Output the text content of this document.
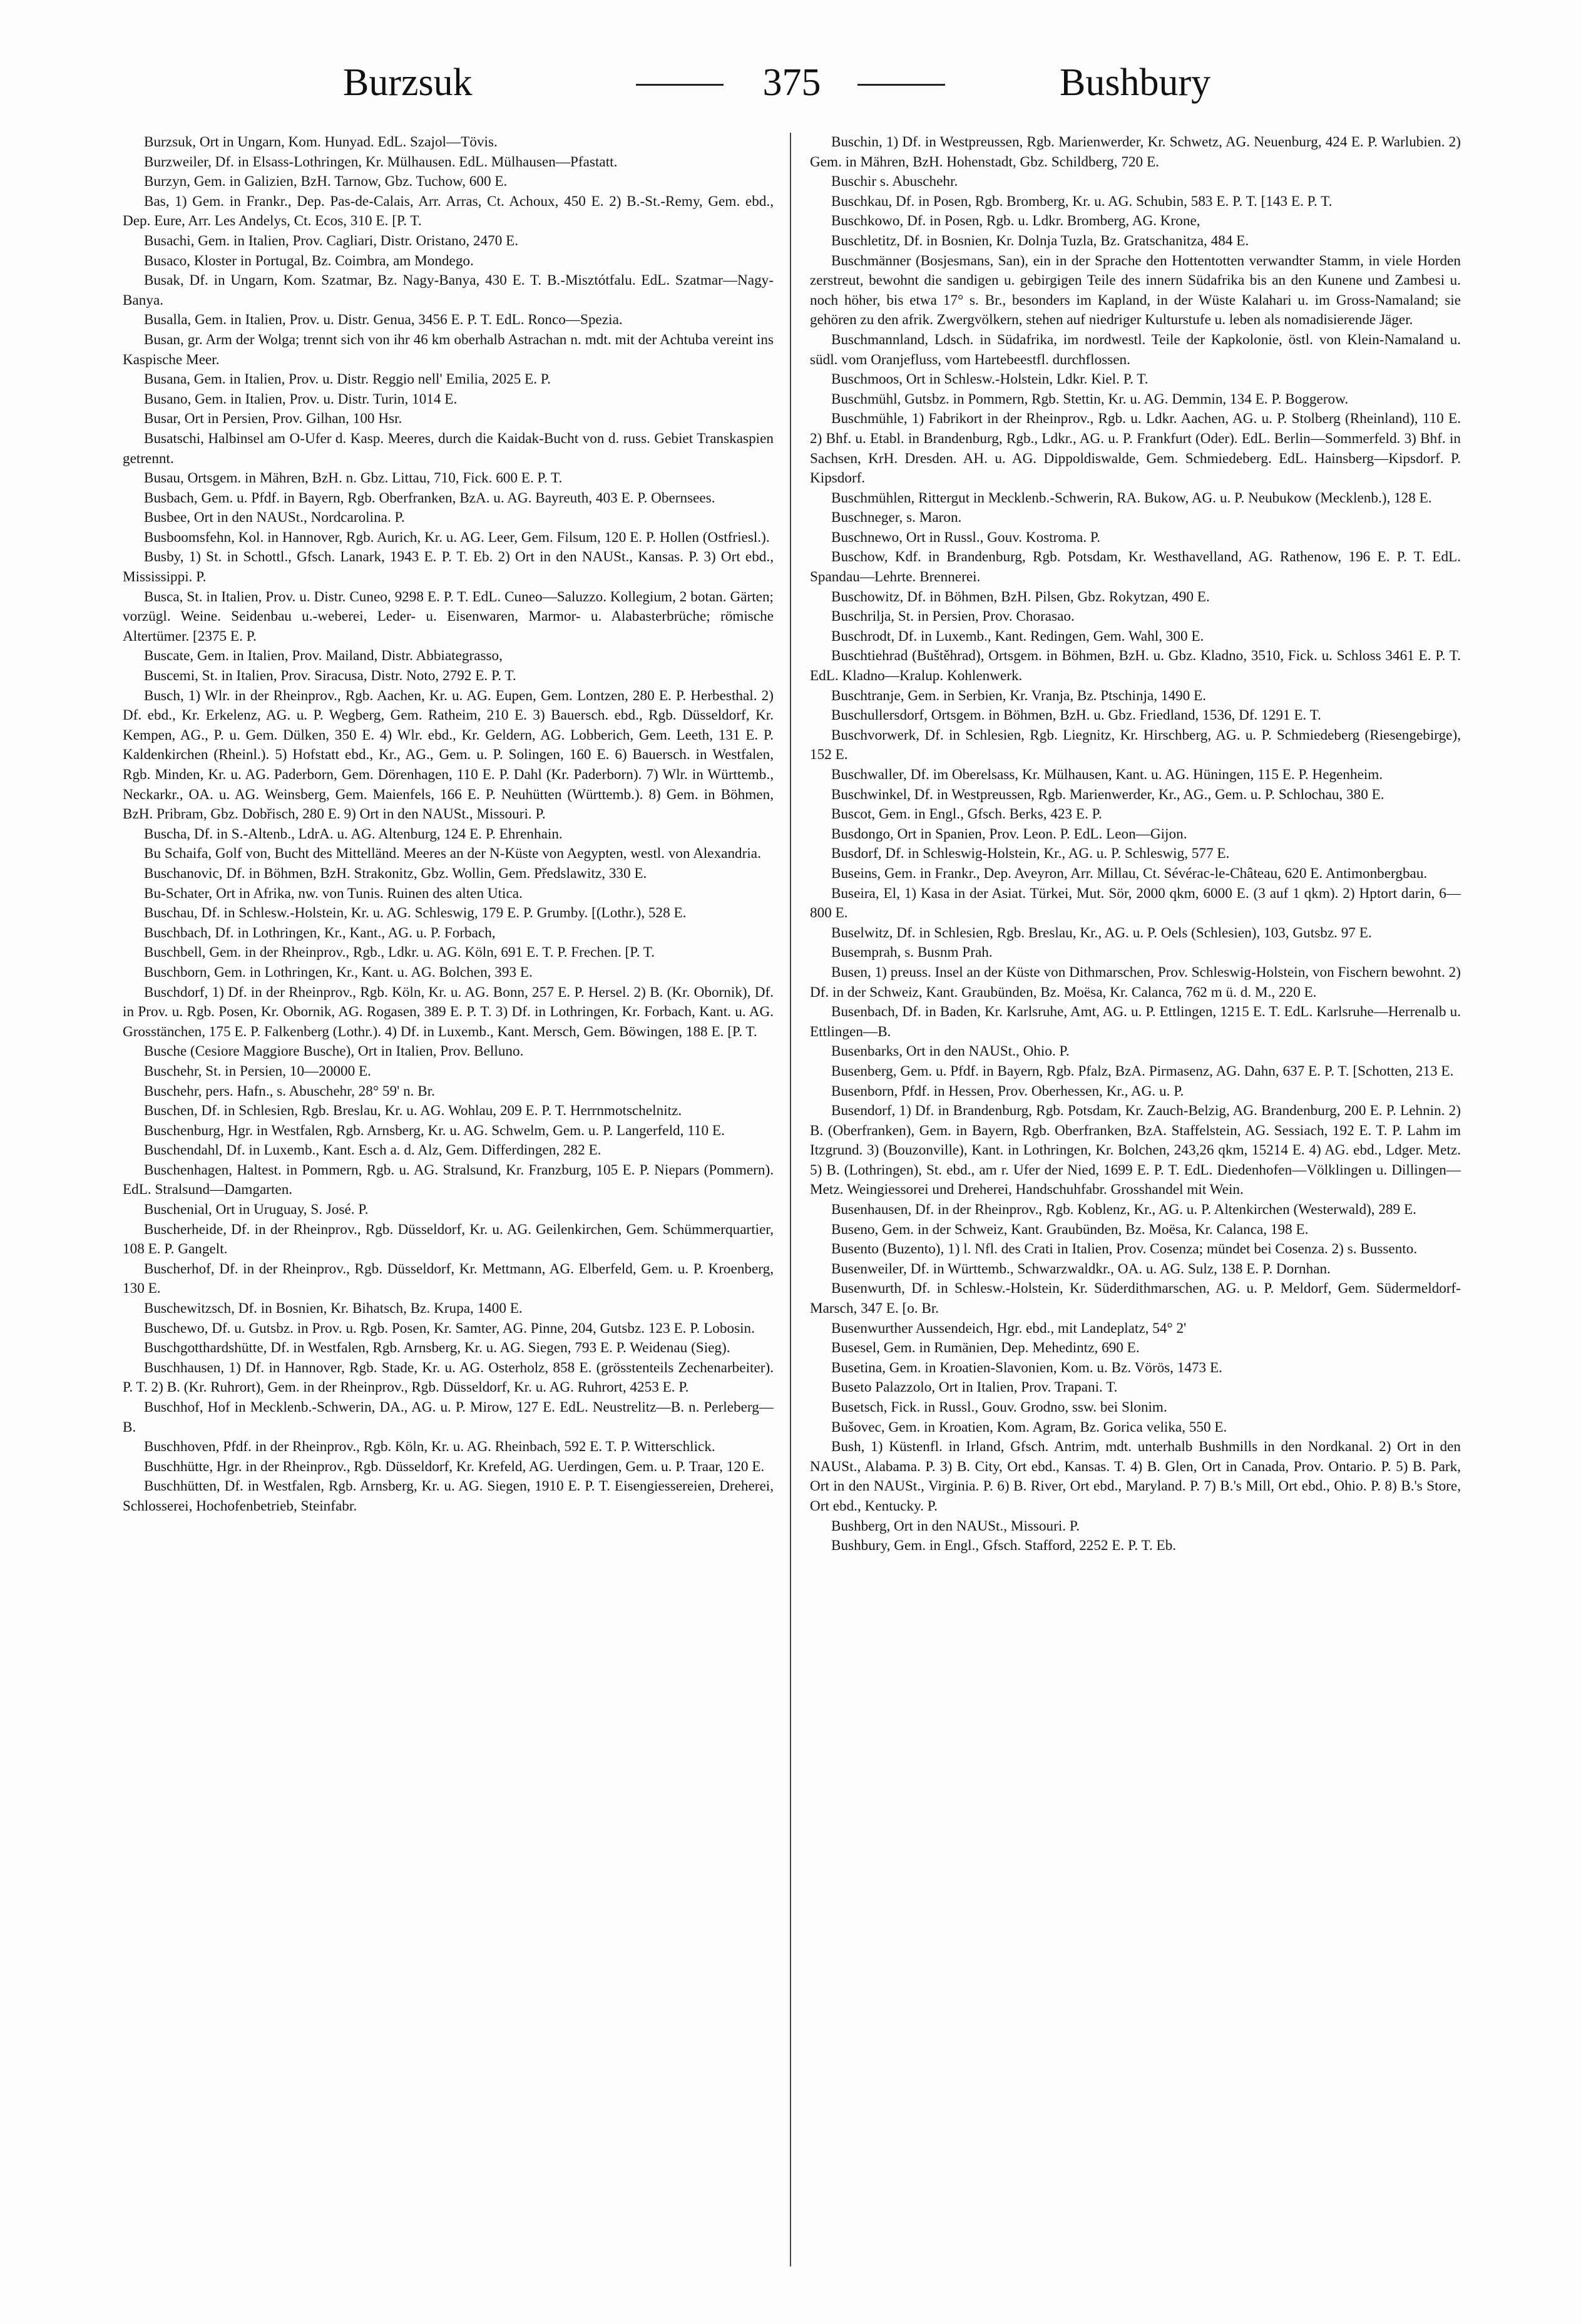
Burzsuk	375	Bushbury

Burzsuk, Ort in Ungarn, Kom. Hunyad. EdL. Szajol—Tövis.

Burzweiler, Df. in Elsass-Lothringen, Kr. Mülhausen. EdL. Mülhausen—Pfastatt.

Burzyn, Gem. in Galizien, BzH. Tarnow, Gbz. Tuchow, 600 E.

Bas, 1) Gem. in Frankr., Dep. Pas-de-Calais, Arr. Arras, Ct. Achoux, 450 E. 2) B.-St.-Remy, Gem. ebd., Dep. Eure, Arr. Les Andelys, Ct. Ecos, 310 E. [P. T.

Busachi, Gem. in Italien, Prov. Cagliari, Distr. Oristano, 2470 E.

Busaco, Kloster in Portugal, Bz. Coimbra, am Mondego.

Busak, Df. in Ungarn, Kom. Szatmar, Bz. Nagy-Banya, 430 E. T. B.-Misztótfalu. EdL. Szatmar—Nagy-Banya.

Busalla, Gem. in Italien, Prov. u. Distr. Genua, 3456 E. P. T. EdL. Ronco—Spezia.

Busan, gr. Arm der Wolga; trennt sich von ihr 46 km oberhalb Astrachan n. mdt. mit der Achtuba vereint ins Kaspische Meer.

Busana, Gem. in Italien, Prov. u. Distr. Reggio nell' Emilia, 2025 E. P.

Busano, Gem. in Italien, Prov. u. Distr. Turin, 1014 E.

Busar, Ort in Persien, Prov. Gilhan, 100 Hsr.

Busatschi, Halbinsel am O-Ufer d. Kasp. Meeres, durch die Kaidak-Bucht von d. russ. Gebiet Transkaspien getrennt.

Busau, Ortsgem. in Mähren, BzH. n. Gbz. Littau, 710, Fick. 600 E. P. T.

Busbach, Gem. u. Pfdf. in Bayern, Rgb. Oberfranken, BzA. u. AG. Bayreuth, 403 E. P. Obernsees.

Busbee, Ort in den NAUSt., Nordcarolina. P.

Busboomsfehn, Kol. in Hannover, Rgb. Aurich, Kr. u. AG. Leer, Gem. Filsum, 120 E. P. Hollen (Ostfriesl.).

Busby, 1) St. in Schottl., Gfsch. Lanark, 1943 E. P. T. Eb. 2) Ort in den NAUSt., Kansas. P. 3) Ort ebd., Mississippi. P.

Busca, St. in Italien, Prov. u. Distr. Cuneo, 9298 E. P. T. EdL. Cuneo—Saluzzo. Kollegium, 2 botan. Gärten; vorzügl. Weine. Seidenbau u.-weberei, Leder- u. Eisenwaren, Marmor- u. Alabasterbrüche; römische Altertümer. [2375 E. P.

Buscate, Gem. in Italien, Prov. Mailand, Distr. Abbiategrasso,

Buscemi, St. in Italien, Prov. Siracusa, Distr. Noto, 2792 E. P. T.

Busch, 1) Wlr. in der Rheinprov., Rgb. Aachen, Kr. u. AG. Eupen, Gem. Lontzen, 280 E. P. Herbesthal. 2) Df. ebd., Kr. Erkelenz, AG. u. P. Wegberg, Gem. Ratheim, 210 E. 3) Bauersch. ebd., Rgb. Düsseldorf, Kr. Kempen, AG., P. u. Gem. Dülken, 350 E. 4) Wlr. ebd., Kr. Geldern, AG. Lobberich, Gem. Leeth, 131 E. P. Kaldenkirchen (Rheinl.). 5) Hofstatt ebd., Kr., AG., Gem. u. P. Solingen, 160 E. 6) Bauersch. in Westfalen, Rgb. Minden, Kr. u. AG. Paderborn, Gem. Dörenhagen, 110 E. P. Dahl (Kr. Paderborn). 7) Wlr. in Württemb., Neckarkr., OA. u. AG. Weinsberg, Gem. Maienfels, 166 E. P. Neuhütten (Württemb.). 8) Gem. in Böhmen, BzH. Pribram, Gbz. Dobřisch, 280 E. 9) Ort in den NAUSt., Missouri. P.

Buscha, Df. in S.-Altenb., LdrA. u. AG. Altenburg, 124 E. P. Ehrenhain.

Bu Schaifa, Golf von, Bucht des Mittelländ. Meeres an der N-Küste von Aegypten, westl. von Alexandria.

Buschanovic, Df. in Böhmen, BzH. Strakonitz, Gbz. Wollin, Gem. Předslawitz, 330 E.

Bu-Schater, Ort in Afrika, nw. von Tunis. Ruinen des alten Utica.

Buschau, Df. in Schlesw.-Holstein, Kr. u. AG. Schleswig, 179 E. P. Grumby. [(Lothr.), 528 E.

Buschbach, Df. in Lothringen, Kr., Kant., AG. u. P. Forbach,

Buschbell, Gem. in der Rheinprov., Rgb., Ldkr. u. AG. Köln, 691 E. T. P. Frechen. [P. T.

Buschborn, Gem. in Lothringen, Kr., Kant. u. AG. Bolchen, 393 E.

Buschdorf, 1) Df. in der Rheinprov., Rgb. Köln, Kr. u. AG. Bonn, 257 E. P. Hersel. 2) B. (Kr. Obornik), Df. in Prov. u. Rgb. Posen, Kr. Obornik, AG. Rogasen, 389 E. P. T. 3) Df. in Lothringen, Kr. Forbach, Kant. u. AG. Grosstänchen, 175 E. P. Falkenberg (Lothr.). 4) Df. in Luxemb., Kant. Mersch, Gem. Böwingen, 188 E. [P. T.

Busche (Cesiore Maggiore Busche), Ort in Italien, Prov. Belluno.

Buschehr, St. in Persien, 10—20000 E.

Buschehr, pers. Hafn., s. Abuschehr, 28° 59' n. Br.

Buschen, Df. in Schlesien, Rgb. Breslau, Kr. u. AG. Wohlau, 209 E. P. T. Herrnmotschelnitz.

Buschenburg, Hgr. in Westfalen, Rgb. Arnsberg, Kr. u. AG. Schwelm, Gem. u. P. Langerfeld, 110 E.

Buschendahl, Df. in Luxemb., Kant. Esch a. d. Alz, Gem. Differdingen, 282 E.

Buschenhagen, Haltest. in Pommern, Rgb. u. AG. Stralsund, Kr. Franzburg, 105 E. P. Niepars (Pommern). EdL. Stralsund—Damgarten.

Buschenial, Ort in Uruguay, S. José. P.

Buscherheide, Df. in der Rheinprov., Rgb. Düsseldorf, Kr. u. AG. Geilenkirchen, Gem. Schümmerquartier, 108 E. P. Gangelt.

Buscherhof, Df. in der Rheinprov., Rgb. Düsseldorf, Kr. Mettmann, AG. Elberfeld, Gem. u. P. Kroenberg, 130 E.

Buschewitzsch, Df. in Bosnien, Kr. Bihatsch, Bz. Krupa, 1400 E.

Buschewo, Df. u. Gutsbz. in Prov. u. Rgb. Posen, Kr. Samter, AG. Pinne, 204, Gutsbz. 123 E. P. Lobosin.

Buschgotthardshütte, Df. in Westfalen, Rgb. Arnsberg, Kr. u. AG. Siegen, 793 E. P. Weidenau (Sieg).

Buschhausen, 1) Df. in Hannover, Rgb. Stade, Kr. u. AG. Osterholz, 858 E. (grösstenteils Zechenarbeiter). P. T. 2) B. (Kr. Ruhrort), Gem. in der Rheinprov., Rgb. Düsseldorf, Kr. u. AG. Ruhrort, 4253 E. P.

Buschhof, Hof in Mecklenb.-Schwerin, DA., AG. u. P. Mirow, 127 E. EdL. Neustrelitz—B. n. Perleberg—B.

Buschhoven, Pfdf. in der Rheinprov., Rgb. Köln, Kr. u. AG. Rheinbach, 592 E. T. P. Witterschlick.

Buschhütte, Hgr. in der Rheinprov., Rgb. Düsseldorf, Kr. Krefeld, AG. Uerdingen, Gem. u. P. Traar, 120 E.

Buschhütten, Df. in Westfalen, Rgb. Arnsberg, Kr. u. AG. Siegen, 1910 E. P. T. Eisengiessereien, Dreherei, Schlosserei, Hochofenbetrieb, Steinfabr.

Buschin, 1) Df. in Westpreussen, Rgb. Marienwerder, Kr. Schwetz, AG. Neuenburg, 424 E. P. Warlubien. 2) Gem. in Mähren, BzH. Hohenstadt, Gbz. Schildberg, 720 E.

Buschir s. Abuschehr.

Buschkau, Df. in Posen, Rgb. Bromberg, Kr. u. AG. Schubin, 583 E. P. T. [143 E. P. T.

Buschkowo, Df. in Posen, Rgb. u. Ldkr. Bromberg, AG. Krone,

Buschletitz, Df. in Bosnien, Kr. Dolnja Tuzla, Bz. Gratschanitza, 484 E.

Buschmänner (Bosjesmans, San), ein in der Sprache den Hottentotten verwandter Stamm, in viele Horden zerstreut, bewohnt die sandigen u. gebirgigen Teile des innern Südafrika bis an den Kunene und Zambesi u. noch höher, bis etwa 17° s. Br., besonders im Kapland, in der Wüste Kalahari u. im Gross-Namaland; sie gehören zu den afrik. Zwergvölkern, stehen auf niedriger Kulturstufe u. leben als nomadisierende Jäger.

Buschmannland, Ldsch. in Südafrika, im nordwestl. Teile der Kapkolonie, östl. von Klein-Namaland u. südl. vom Oranjefluss, vom Hartebeestfl. durchflossen.

Buschmoos, Ort in Schlesw.-Holstein, Ldkr. Kiel. P. T.

Buschmühl, Gutsbz. in Pommern, Rgb. Stettin, Kr. u. AG. Demmin, 134 E. P. Boggerow.

Buschmühle, 1) Fabrikort in der Rheinprov., Rgb. u. Ldkr. Aachen, AG. u. P. Stolberg (Rheinland), 110 E. 2) Bhf. u. Etabl. in Brandenburg, Rgb., Ldkr., AG. u. P. Frankfurt (Oder). EdL. Berlin—Sommerfeld. 3) Bhf. in Sachsen, KrH. Dresden. AH. u. AG. Dippoldiswalde, Gem. Schmiedeberg. EdL. Hainsberg—Kipsdorf. P. Kipsdorf.

Buschmühlen, Rittergut in Mecklenb.-Schwerin, RA. Bukow, AG. u. P. Neubukow (Mecklenb.), 128 E.

Buschneger, s. Maron.

Buschnewo, Ort in Russl., Gouv. Kostroma. P.

Buschow, Kdf. in Brandenburg, Rgb. Potsdam, Kr. Westhavelland, AG. Rathenow, 196 E. P. T. EdL. Spandau—Lehrte. Brennerei.

Buschowitz, Df. in Böhmen, BzH. Pilsen, Gbz. Rokytzan, 490 E.

Buschrilja, St. in Persien, Prov. Chorasao.

Buschrodt, Df. in Luxemb., Kant. Redingen, Gem. Wahl, 300 E.

Buschtiehrad (Buštěhrad), Ortsgem. in Böhmen, BzH. u. Gbz. Kladno, 3510, Fick. u. Schloss 3461 E. P. T. EdL. Kladno—Kralup. Kohlenwerk.

Buschtranje, Gem. in Serbien, Kr. Vranja, Bz. Ptschinja, 1490 E.

Buschullersdorf, Ortsgem. in Böhmen, BzH. u. Gbz. Friedland, 1536, Df. 1291 E. T.

Buschvorwerk, Df. in Schlesien, Rgb. Liegnitz, Kr. Hirschberg, AG. u. P. Schmiedeberg (Riesengebirge), 152 E.

Buschwaller, Df. im Oberelsass, Kr. Mülhausen, Kant. u. AG. Hüningen, 115 E. P. Hegenheim.

Buschwinkel, Df. in Westpreussen, Rgb. Marienwerder, Kr., AG., Gem. u. P. Schlochau, 380 E.

Buscot, Gem. in Engl., Gfsch. Berks, 423 E. P.

Busdongo, Ort in Spanien, Prov. Leon. P. EdL. Leon—Gijon.

Busdorf, Df. in Schleswig-Holstein, Kr., AG. u. P. Schleswig, 577 E.

Buseins, Gem. in Frankr., Dep. Aveyron, Arr. Millau, Ct. Sévérac-le-Château, 620 E. Antimonbergbau.

Buseira, El, 1) Kasa in der Asiat. Türkei, Mut. Sör, 2000 qkm, 6000 E. (3 auf 1 qkm). 2) Hptort darin, 6—800 E.

Buselwitz, Df. in Schlesien, Rgb. Breslau, Kr., AG. u. P. Oels (Schlesien), 103, Gutsbz. 97 E.

Busemprah, s. Busnm Prah.

Busen, 1) preuss. Insel an der Küste von Dithmarschen, Prov. Schleswig-Holstein, von Fischern bewohnt. 2) Df. in der Schweiz, Kant. Graubünden, Bz. Moësa, Kr. Calanca, 762 m ü. d. M., 220 E.

Busenbach, Df. in Baden, Kr. Karlsruhe, Amt, AG. u. P. Ettlingen, 1215 E. T. EdL. Karlsruhe—Herrenalb u. Ettlingen—B.

Busenbarks, Ort in den NAUSt., Ohio. P.

Busenberg, Gem. u. Pfdf. in Bayern, Rgb. Pfalz, BzA. Pirmasenz, AG. Dahn, 637 E. P. T. [Schotten, 213 E.

Busenborn, Pfdf. in Hessen, Prov. Oberhessen, Kr., AG. u. P.

Busendorf, 1) Df. in Brandenburg, Rgb. Potsdam, Kr. Zauch-Belzig, AG. Brandenburg, 200 E. P. Lehnin. 2) B. (Oberfranken), Gem. in Bayern, Rgb. Oberfranken, BzA. Staffelstein, AG. Sessiach, 192 E. T. P. Lahm im Itzgrund. 3) (Bouzonville), Kant. in Lothringen, Kr. Bolchen, 243,26 qkm, 15214 E. 4) AG. ebd., Ldger. Metz. 5) B. (Lothringen), St. ebd., am r. Ufer der Nied, 1699 E. P. T. EdL. Diedenhofen—Völklingen u. Dillingen—Metz. Weingiessorei und Dreherei, Handschuhfabr. Grosshandel mit Wein.

Busenhausen, Df. in der Rheinprov., Rgb. Koblenz, Kr., AG. u. P. Altenkirchen (Westerwald), 289 E.

Buseno, Gem. in der Schweiz, Kant. Graubünden, Bz. Moësa, Kr. Calanca, 198 E.

Busento (Buzento), 1) l. Nfl. des Crati in Italien, Prov. Cosenza; mündet bei Cosenza. 2) s. Bussento.

Busenweiler, Df. in Württemb., Schwarzwaldkr., OA. u. AG. Sulz, 138 E. P. Dornhan.

Busenwurth, Df. in Schlesw.-Holstein, Kr. Süderdithmarschen, AG. u. P. Meldorf, Gem. Südermeldorf-Marsch, 347 E. [o. Br.

Busenwurther Aussendeich, Hgr. ebd., mit Landeplatz, 54° 2'

Busesel, Gem. in Rumänien, Dep. Mehedintz, 690 E.

Busetina, Gem. in Kroatien-Slavonien, Kom. u. Bz. Vörös, 1473 E.

Buseto Palazzolo, Ort in Italien, Prov. Trapani. T.

Busetsch, Fick. in Russl., Gouv. Grodno, ssw. bei Slonim.

Bušovec, Gem. in Kroatien, Kom. Agram, Bz. Gorica velika, 550 E.

Bush, 1) Küstenfl. in Irland, Gfsch. Antrim, mdt. unterhalb Bushmills in den Nordkanal. 2) Ort in den NAUSt., Alabama. P. 3) B. City, Ort ebd., Kansas. T. 4) B. Glen, Ort in Canada, Prov. Ontario. P. 5) B. Park, Ort in den NAUSt., Virginia. P. 6) B. River, Ort ebd., Maryland. P. 7) B.'s Mill, Ort ebd., Ohio. P. 8) B.'s Store, Ort ebd., Kentucky. P.

Bushberg, Ort in den NAUSt., Missouri. P.

Bushbury, Gem. in Engl., Gfsch. Stafford, 2252 E. P. T. Eb.
